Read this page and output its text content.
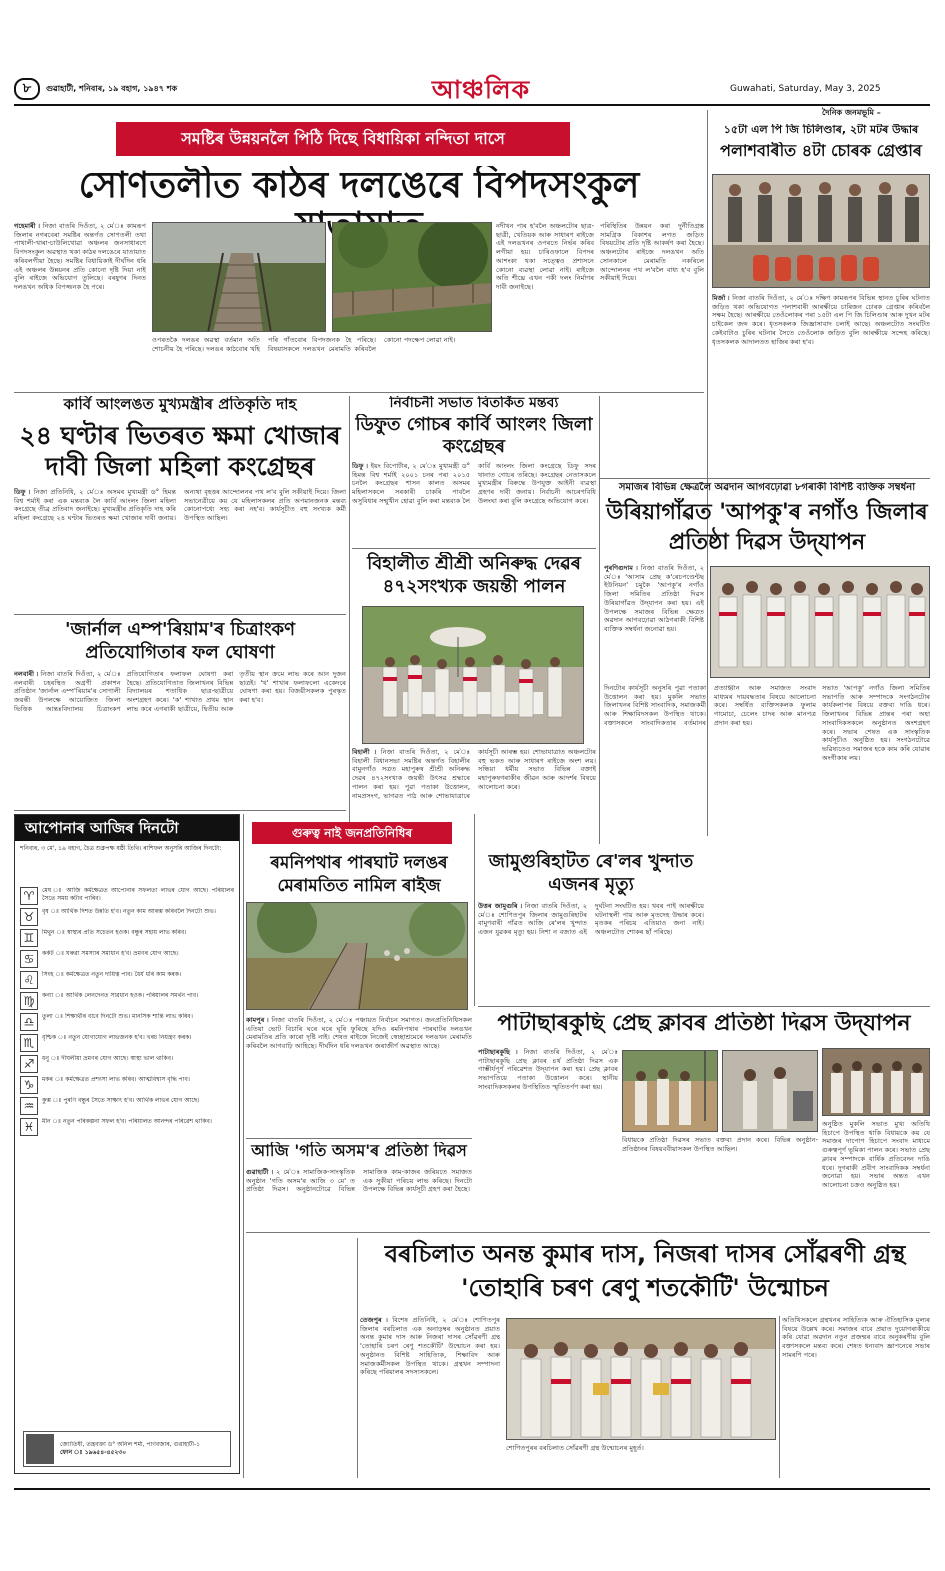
৮	গুৱাহাটী, শনিবাৰ, ১৯ বহাগ, ১৯৪৭ শক	আঞ্চলিক	Guwahati, Saturday, May 3, 2025
দৈনিক জনমভূমি –
সমষ্টিৰ উন্নয়নলৈ পিঠি দিছে বিধায়িকা নন্দিতা দাসে
সোণতলীত কাঠৰ দলঙেৰে বিপদসংকুল
গহেমাৰী ৷ নিজা বাতৰি দিওঁতা, ২ মে'ঃ কামৰূপ জিলাৰ নগৰবেৰা সমষ্টিৰ অন্তৰ্গত সোণতলী তথা পাথালী-খাৰা-চাউলিখোৱা অঞ্চলৰ জনসাধাৰণে বিপদসংকুল অৱস্থাত থকা কাঠৰ দলঙেৰে যাতায়াত কৰিবলগীয়া হৈছে। সমষ্টিৰ বিধায়িকাই দীৰ্ঘদিন ধৰি এই অঞ্চলৰ উন্নয়নৰ প্ৰতি কোনো দৃষ্টি দিয়া নাই বুলি ৰাইজে অভিযোগ তুলিছে। বৰষুণৰ দিনত দলঙখন অধিক বিপজ্জনক হৈ পৰে।
ওপৰতকৈ দলঙৰ অৱস্থা বৰ্তমান অতি শোচনীয় হৈ পৰিছে। দলঙৰ কাঠবোৰ খহি পৰি গাঁতবোৰ বিপদজনক হৈ পৰিছে। বিষয়াসকলে দলঙখন মেৰামতি কৰিবলৈ কোনো পদক্ষেপ লোৱা নাই।
নদীখন পাৰ হ'বলৈ অঞ্চলটোৰ ছাত্ৰ-ছাত্ৰী, খেতিয়ক আৰু সাধাৰণ ৰাইজে এই দলঙখনৰ ওপৰতে নিৰ্ভৰ কৰিব লগীয়া হয়। চাৰিওফালে বিপদৰ আশংকা থকা সত্ত্বেও প্ৰশাসনে কোনো ব্যৱস্থা লোৱা নাই। ৰাইজে অতি শীঘ্ৰে এখন পকী দলং নিৰ্মাণৰ দাবী জনাইছে।
পৰিস্থিতিৰ উন্নয়ন কৰা দুৰ্নীতিগ্ৰস্ত সামগ্ৰিক বিকাশৰ লগত জড়িত বিষয়টোৰ প্ৰতি দৃষ্টি আকৰ্ষণ কৰা হৈছে। অঞ্চলটোৰ ৰাইজে দলঙখন অতি সোনকালে মেৰামতি নকৰিলে আন্দোলনৰ পথ ল'বলৈ বাধ্য হ'ব বুলি সকীয়াই দিয়ে।
কাৰ্বি আংলঙত মুখ্যমন্ত্ৰীৰ প্ৰতিকৃতি দাহ
২৪ ঘণ্টাৰ ভিতৰত ক্ষমা খোজাৰ দাবী জিলা মহিলা কংগ্ৰেছৰ
ডিফু ৷ নিজা প্ৰতিনিধি, ২ মে'ঃ অসমৰ মুখ্যমন্ত্ৰী ড° হিমন্ত বিশ্ব শৰ্মাই কৰা এক মন্তব্যক লৈ কাৰ্বি আংলং জিলা মহিলা কংগ্ৰেছে তীব্ৰ প্ৰতিবাদ জনাইছে। মুখ্যমন্ত্ৰীৰ প্ৰতিকৃতি দাহ কৰি মহিলা কংগ্ৰেছে ২৪ ঘণ্টাৰ ভিতৰত ক্ষমা খোজাৰ দাবী জনায়। অন্যথা বৃহত্তৰ আন্দোলনৰ পথ ল'ব বুলি সকীয়াই দিয়ে। জিলা সভানেত্ৰীয়ে কয় যে মহিলাসকলৰ প্ৰতি অপমানজনক মন্তব্য কোনোপধ্যে সহ্য কৰা নহ'ব। কাৰ্যসূচীত বহু সংখ্যক কৰ্মী উপস্থিত আছিল।
নিৰ্বাচনী সভাত বিতৰ্কিত মন্তব্য
ডিফুত গোচৰ কাৰ্বি আংলং জিলা কংগ্ৰেছৰ
ডিফু ৷ ইয়ং বিপোৰ্টাৰ, ২ মে'ঃ মুখ্যমন্ত্ৰী ড° হিমন্ত বিশ্ব শৰ্মাই ২০০১ চনৰ পৰা ২০১৫ চনলৈ কংগ্ৰেছৰ শাসন কালত অসমৰ মহিলাসকলে সৰকাৰী চাকৰি পাবলৈ অসুবিধাৰ সন্মুখীন হোৱা বুলি কৰা মন্তব্যক লৈ কাৰ্বি আংলং জিলা কংগ্ৰেছে ডিফু সদৰ থানাত গোচৰ তৰিছে। কংগ্ৰেছৰ নেতাসকলে মুখ্যমন্ত্ৰীৰ বিৰুদ্ধে উপযুক্ত আইনী ব্যৱস্থা গ্ৰহণৰ দাবী জনায়। নিৰ্বাচনী আচৰণবিধি উলংঘা কৰা বুলি কংগ্ৰেছে অভিযোগ কৰে।
বিহালীত শ্ৰীশ্ৰী অনিৰুদ্ধ দেৱৰ ৪৭২সংখ্যক জয়ন্তী পালন
বিহালী ৷ নিজা বাতৰি দিওঁতা, ২ মে'ঃ বিহালী বিধানসভা সমষ্টিৰ অন্তৰ্গত বিহালীৰ বামুনগাঁও সত্ৰত মহাপুৰুষ শ্ৰীশ্ৰী অনিৰুদ্ধ দেৱৰ ৪৭২সংখ্যক জয়ন্তী উৎসৱ শ্ৰদ্ধাৰে পালন কৰা হয়। পুৱা পতাকা উত্তোলন, নামপ্ৰসংগ, ভাগৱত পাঠ আৰু শোভাযাত্ৰাৰে কাৰ্যসূচী আৰম্ভ হয়। শোভাযাত্ৰাত অঞ্চলটোৰ বহু ভকত আৰু সাধাৰণ ৰাইজে অংশ লয়। সন্ধিয়া ধৰ্মীয় সভাত বিভিন্ন বক্তাই মহাপুৰুষগৰাকীৰ জীৱন আৰু আদৰ্শৰ বিষয়ে আলোচনা কৰে।
'জাৰ্নাল এম্প'ৰিয়াম'ৰ চিত্ৰাংকণ প্ৰতিযোগিতাৰ ফল ঘোষণা
নলবাৰী ৷ নিজা বাতৰি দিওঁতা, ২ মে'ঃ নলবাৰী চহৰস্থিত অগ্ৰণী প্ৰকাশন প্ৰতিষ্ঠান 'জাৰ্নাল এম্প'ৰিয়াম'ৰ সোণালী জয়ন্তী উপলক্ষে আয়োজিত জিলা ভিত্তিক আন্তঃবিদ্যালয় চিত্ৰাংকণ প্ৰতিযোগিতাৰ ফলাফল ঘোষণা কৰা হৈছে। প্ৰতিযোগিতাত জিলাখনৰ বিভিন্ন বিদ্যালয়ৰ শতাধিক ছাত্ৰ-ছাত্ৰীয়ে অংশগ্ৰহণ কৰে। 'ক' শাখাত প্ৰথম স্থান লাভ কৰে এগৰাকী ছাত্ৰীয়ে, দ্বিতীয় আৰু তৃতীয় স্থান ক্ৰমে লাভ কৰে আন দুজন ছাত্ৰই। 'খ' শাখাৰ ফলাফলো একেদৰে ঘোষণা কৰা হয়। বিজয়ীসকলক পুৰস্কৃত কৰা হ'ব।
আপোনাৰ আজিৰ দিনটো
শনিবাৰ, ৩ মে', ১৯ বহাগ, চৈত্ৰ শুক্লপক্ষ ষষ্ঠী তিথি। ৰাশিফল অনুসৰি আজিৰ দিনটো:
♈	মেষ ঃ আজি কৰ্মক্ষেত্ৰত আপোনাৰ সফলতা লাভৰ যোগ আছে। পৰিয়ালৰ সৈতে সময় কটাব পাৰিব।
♉	বৃষ ঃ আৰ্থিক দিশত উন্নতি হ'ব। নতুন কাম আৰম্ভ কৰিবলৈ দিনটো শুভ।
♊	মিথুন ঃ স্বাস্থ্যৰ প্ৰতি সচেতন হওক। বন্ধুৰ সহায় লাভ কৰিব।
♋	কৰ্কট ঃ ঘৰুৱা সমস্যাৰ সমাধান হ'ব। ভ্ৰমণৰ যোগ আছে।
♌	সিংহ ঃ কৰ্মক্ষেত্ৰত নতুন দায়িত্ব পাব। ধৈৰ্য ধৰি কাম কৰক।
♍	কন্যা ঃ আৰ্থিক লেনদেনত সাৱধান হওক। পৰিয়ালৰ সমৰ্থন পাব।
♎	তুলা ঃ শিক্ষাৰ্থীৰ বাবে দিনটো শুভ। মানসিক শান্তি লাভ কৰিব।
♏	বৃশ্চিক ঃ নতুন যোগাযোগ লাভজনক হ'ব। খৰচ নিয়ন্ত্ৰণ কৰক।
♐	ধনু ঃ দীঘলীয়া ভ্ৰমণৰ যোগ আছে। স্বাস্থ্য ভাল থাকিব।
♑	মকৰ ঃ কৰ্মক্ষেত্ৰত প্ৰশংসা লাভ কৰিব। আত্মবিশ্বাস বৃদ্ধি পাব।
♒	কুম্ভ ঃ পুৰণি বন্ধুৰ সৈতে সাক্ষাৎ হ'ব। আৰ্থিক লাভৰ যোগ আছে।
♓	মীন ঃ নতুন পৰিকল্পনা সফল হ'ব। পৰিয়ালত আনন্দৰ পৰিৱেশ থাকিব।
জ্যোতিষী, তন্ত্ৰবক্তা ড° অনিল শৰ্মা, পাণবজাৰ, গুৱাহাটী-১
ফোন ঃ ১৯৬৫৪-৪৫২৩০
গুৰুত্ব নাই জনপ্ৰতিনিধিৰ
ৰমনিপথাৰ পাৰঘাট দলঙৰ মেৰামতিত নামিল ৰাইজ
কামপুৰ ৷ নিজা বাতৰি দিওঁতা, ২ মে'ঃ পঞ্চায়ত নিৰ্বাচন সমাগত। জনপ্ৰতিনিধিসকল এতিয়া ভোট বিচাৰি ঘৰে ঘৰে ঘূৰি ফুৰিছে যদিও ৰমনিপথাৰ পাৰঘাটৰ দলঙখন মেৰামতিৰ প্ৰতি কাৰো দৃষ্টি নাই। শেষত ৰাইজে নিজেই স্বেচ্ছাশ্ৰমেৰে দলঙখন মেৰামতি কৰিবলৈ আগবাঢ়ি আহিছে। দীৰ্ঘদিন ধৰি দলঙখন জৰাজীৰ্ণ অৱস্থাত আছে।
আজি 'গতি অসম'ৰ প্ৰতিষ্ঠা দিৱস
গুৱাহাটী ৷ ২ মে'ঃ সামাজিক-সাংস্কৃতিক অনুষ্ঠান 'গতি অসম'ৰ আজি ৩ মে' ত প্ৰতিষ্ঠা দিৱস। অনুষ্ঠানটোৱে বিভিন্ন সামাজিক কাম-কাজৰ জৰিয়তে সমাজত এক সুকীয়া পৰিচয় লাভ কৰিছে। দিনটো উপলক্ষে বিভিন্ন কাৰ্যসূচী গ্ৰহণ কৰা হৈছে।
জামুগুৰিহাটত ৰে'লৰ খুন্দাত এজনৰ মৃত্যু
উত্তৰ জামুগুৰি ৷ নিজা বাতৰি দিওঁতা, ২ মে'ঃ শোণিতপুৰ জিলাৰ জামুগুৰিহাটৰ বামুণবাৰী গাঁৱত আজি ৰে'লৰ খুন্দাত এজন যুৱকৰ মৃত্যু হয়। নিশা ন বজাত এই দুৰ্ঘটনা সংঘটিত হয়। খবৰ পাই আৰক্ষীয়ে ঘটনাস্থলী পায় আৰু মৃতদেহ উদ্ধাৰ কৰে। মৃতকৰ পৰিচয় এতিয়াও জনা নাই। অঞ্চলটোত শোকৰ ছাঁ পৰিছে।
১৫টা এল পি জি চিলিণ্ডাৰ, ২টা মটৰ উদ্ধাৰ
পলাশবাৰীত ৪টা চোৰক গ্ৰেপ্তাৰ
মিৰ্জা ৷ নিজা বাতৰি দিওঁতা, ২ মে'ঃ দক্ষিণ কামৰূপৰ বিভিন্ন স্থানত চুৰিৰ ঘটনাত জড়িত থকা অভিযোগত পলাশবাৰী আৰক্ষীয়ে চাৰিজন চোৰক গ্ৰেপ্তাৰ কৰিবলৈ সক্ষম হৈছে। আৰক্ষীয়ে তেওঁলোকৰ পৰা ১৫টা এল পি জি চিলিণ্ডাৰ আৰু দুখন মটৰ চাইকেল জব্দ কৰে। ধৃতসকলক জিজ্ঞাসাবাদ চলাই আছে। অঞ্চলটোত সংঘটিত কেইবাটাও চুৰিৰ ঘটনাৰ সৈতে তেওঁলোক জড়িত বুলি আৰক্ষীয়ে সন্দেহ কৰিছে। ধৃতসকলক আদালতত হাজিৰ কৰা হ'ব।
সমাজৰ বিভিন্ন ক্ষেত্ৰলৈ অৱদান আগবঢ়োৱা ৮গৰাকী বিশিষ্ট ব্যক্তিক সম্বৰ্ধনা
উৰিয়াগাঁৱত 'আপকু'ৰ নগাঁও জিলাৰ প্ৰতিষ্ঠা দিৱস উদ্‌যাপন
পুৰণিগুদাম ৷ নিজা বাতৰি দিওঁতা, ২ মে'ঃ 'আসাম প্ৰেছ ক'ৰেচপণ্ডেন্টছ ইউনিয়ন' চমুকৈ 'আপকু'ৰ নগাঁও জিলা সমিতিৰ প্ৰতিষ্ঠা দিৱস উৰিয়াগাঁৱত উদ্‌যাপন কৰা হয়। এই উপলক্ষে সমাজৰ বিভিন্ন ক্ষেত্ৰত অৱদান আগবঢ়োৱা আঠগৰাকী বিশিষ্ট ব্যক্তিক সম্বৰ্ধনা জনোৱা হয়।
দিনটোৰ কাৰ্যসূচী অনুসৰি পুৱা পতাকা উত্তোলন কৰা হয়। মুকলি সভাত জিলাখনৰ বিশিষ্ট সাংবাদিক, সমাজকৰ্মী আৰু শিক্ষাবিদসকল উপস্থিত থাকে। বক্তাসকলে সাংবাদিকতাৰ বৰ্তমানৰ প্ৰত্যাহ্বান আৰু সমাজত সংবাদ মাধ্যমৰ দায়বদ্ধতাৰ বিষয়ে আলোচনা কৰে। সম্বৰ্ধিত ব্যক্তিসকলক ফুলাম গামোচা, চেলেং চাদৰ আৰু মানপত্ৰ প্ৰদান কৰা হয়।
সভাত 'আপকু' নগাঁও জিলা সমিতিৰ সভাপতি আৰু সম্পাদকে সংগঠনটোৰ কাৰ্যকলাপৰ বিষয়ে বক্তব্য দাঙি ধৰে। জিলাখনৰ বিভিন্ন প্ৰান্তৰ পৰা অহা সাংবাদিকসকলে অনুষ্ঠানত অংশগ্ৰহণ কৰে। সভাৰ শেষত এক সাংস্কৃতিক কাৰ্যসূচীও অনুষ্ঠিত হয়। সংগঠনটোৱে ভৱিষ্যতেও সমাজৰ হকে কাম কৰি যোৱাৰ অংগীকাৰ লয়।
পাটাছাৰকুছি প্ৰেছ ক্লাবৰ প্ৰতিষ্ঠা দিৱস উদ্‌যাপন
পাটাছাৰকুছি ৷ নিজা বাতৰি দিওঁতা, ২ মে'ঃ পাটাছাৰকুছি প্ৰেছ ক্লাবৰ ৪ৰ্থ প্ৰতিষ্ঠা দিৱস এক গাম্ভীৰ্যপূৰ্ণ পৰিৱেশত উদ্‌যাপন কৰা হয়। প্ৰেছ ক্লাবৰ সভাপতিয়ে পতাকা উত্তোলন কৰে। স্থানীয় সাংবাদিকসকলৰ উপস্থিতিত স্মৃতিতৰ্পণ কৰা হয়।
বিধায়কে প্ৰতিষ্ঠা দিৱসৰ সভাত বক্তব্য প্ৰদান কৰে। বিভিন্ন অনুষ্ঠান-প্ৰতিষ্ঠানৰ বিষয়ববীয়াসকল উপস্থিত আছিল।
অনুষ্ঠিত মুকলি সভাত মুখ্য অতিথি হিচাপে উপস্থিত থাকি বিধায়কে কয় যে সমাজৰ দাপোণ হিচাপে সংবাদ মাধ্যমে গুৰুত্বপূৰ্ণ ভূমিকা পালন কৰে। সভাত প্ৰেছ ক্লাবৰ সম্পাদকে বাৰ্ষিক প্ৰতিবেদন দাঙি ধৰে। দুগৰাকী প্ৰবীণ সাংবাদিকক সম্বৰ্ধনা জনোৱা হয়। সভাৰ অন্তত এখন আলোচনা চক্ৰও অনুষ্ঠিত হয়।
বৰচিলাত অনন্ত কুমাৰ দাস, নিজৰা দাসৰ সোঁৱৰণী গ্ৰন্থ 'তোহাৰি চৰণ ৰেণু শতকৌটি' উন্মোচন
তেজপুৰ ৷ বিশেষ প্ৰতিনিধি, ২ মে'ঃ শোণিতপুৰ জিলাৰ বৰচিলাত এক অনাড়ম্বৰ অনুষ্ঠানত প্ৰয়াত অনন্ত কুমাৰ দাস আৰু নিজৰা দাসৰ সোঁৱৰণী গ্ৰন্থ 'তোহাৰি চৰণ ৰেণু শতকৌটি' উন্মোচন কৰা হয়। অনুষ্ঠানত বিশিষ্ট সাহিত্যিক, শিক্ষাবিদ আৰু সমাজকৰ্মীসকল উপস্থিত থাকে। গ্ৰন্থখন সম্পাদনা কৰিছে পৰিয়ালৰ সদস্যসকলে।
শোণিতপুৰৰ বৰচিলাত সোঁৱৰণী গ্ৰন্থ উন্মোচনৰ মুহূৰ্ত।
অতিথিসকলে গ্ৰন্থখনৰ সাহিত্যিক আৰু ঐতিহাসিক মূল্যৰ বিষয়ে উল্লেখ কৰে। সমাজৰ বাবে প্ৰয়াত দুয়োগৰাকীয়ে কৰি যোৱা অৱদান নতুন প্ৰজন্মৰ বাবে অনুকৰণীয় বুলি বক্তাসকলে মন্তব্য কৰে। শেষত ধন্যবাদ জ্ঞাপনেৰে সভাৰ সামৰণি পৰে।
